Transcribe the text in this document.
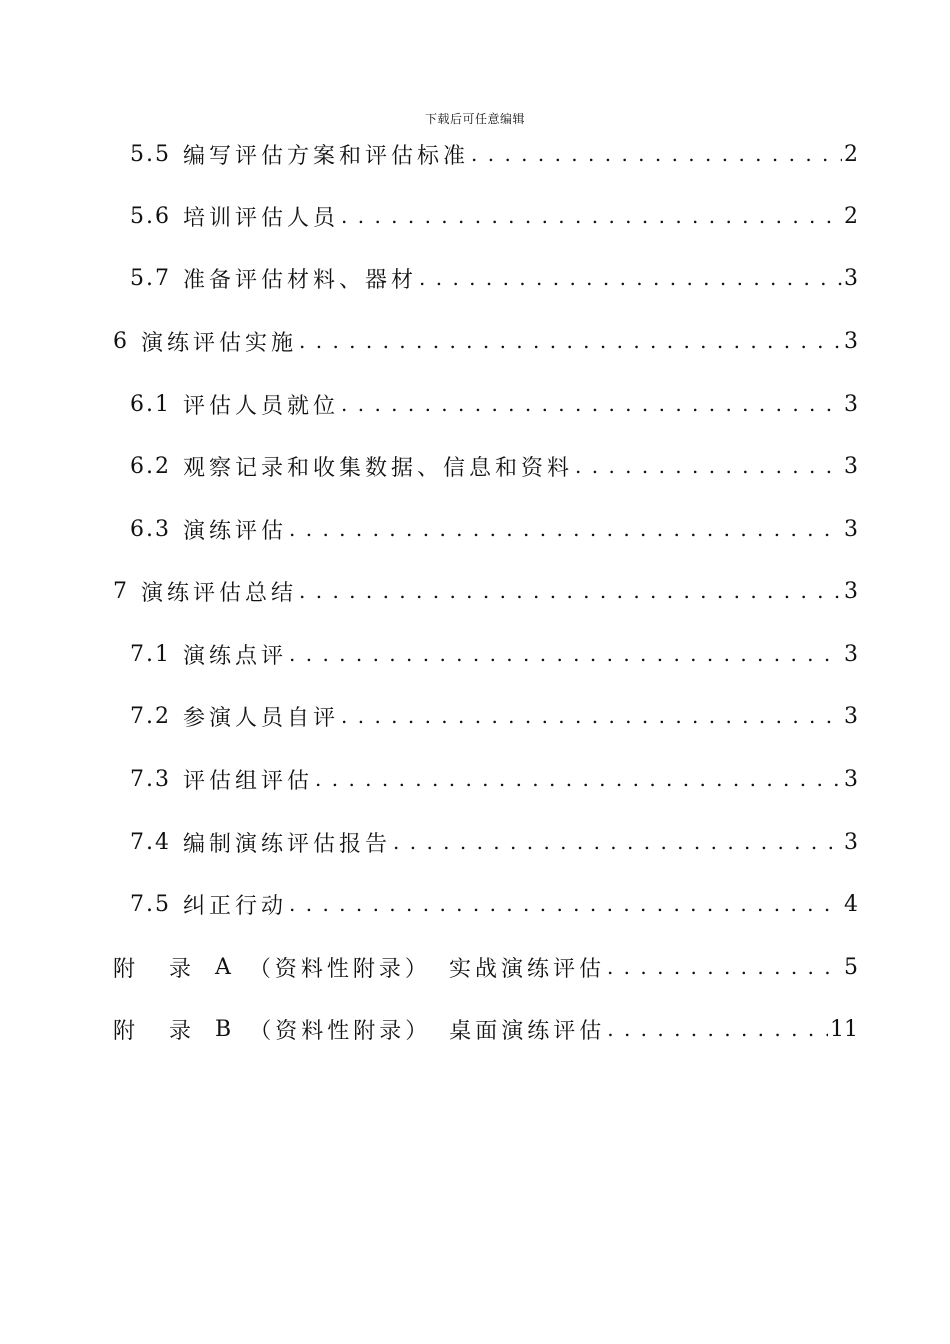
下载后可任意编辑
5.5 编写评估方案和评估标准 . . .	2
5.6 培训评估人员 . . .	2
5.7 准备评估材料、器材 . . .	3
6 演练评估实施 . . .	3
6.1 评估人员就位 . . .	3
6.2 观察记录和收集数据、信息和资料 . . .	3
6.3 演练评估 . . .	3
7 演练评估总结 . . .	3
7.1 演练点评 . . .	3
7.2 参演人员自评 . . .	3
7.3 评估组评估 . . .	3
7.4 编制演练评估报告 . . .	3
7.5 纠正行动 . . .	4
附 录 A （资料性附录） 实战演练评估 . . .	5
附 录 B （资料性附录） 桌面演练评估 . . .	11
